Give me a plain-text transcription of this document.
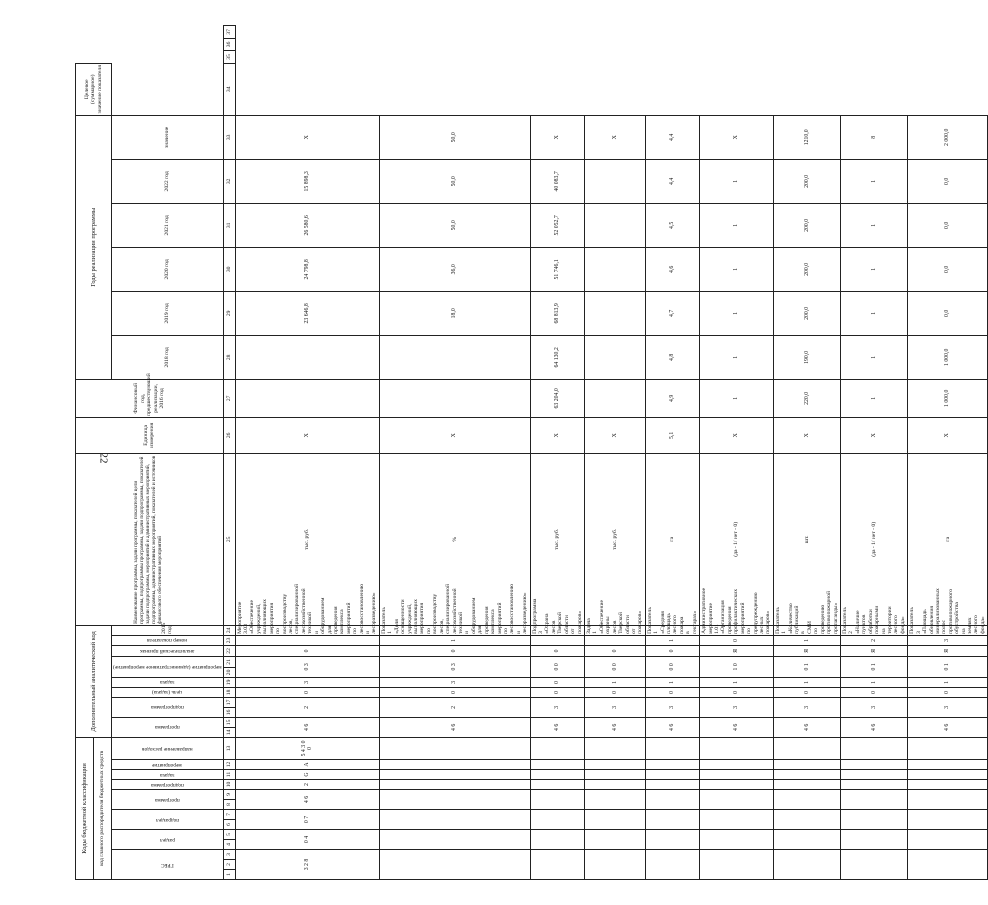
22
Коды бюджетной классификации													Дополнительный аналитический код											Наименование программы, задачи программы, показателей цели программы, подпрограммы программы, задачи подпрограммы, показателей задачи подпрограммы, мероприятий и административных мероприятий, подпрограммы, административных мероприятий, показателей и источников финансового обеспечения мероприятий	Единица измерения	Финансовый год, предшествующий реализации, 2016 год	Годы реализации программы						Целевое (суммарное) значение показателя			
код главного распорядителя бюджетных средств																																				

ГРБС			раздел		подраздел		программа		подпрограмма	задача	мероприятие	направление расходов	программа		подпрограмма		цель (задача)	задача	мероприятие (административное мероприятие)		аналитический признак	номер показателя	2015 год				2018 год	2019 год	2020 год	2021 год	2022 год	значение				
1	2	3	4	5	6	7	8	9	10	11	12	13	14	15	16	17	18	19	20	21	22	23	24	25	26	27	28	29	30	31	32	33	34	35	36	37
3 2 8			0 4		0 7		4 6		2	G	A	5 4 3 0 0	4 6		2		0	3	0 3		0		Мероприятие 3.03 «Обеспечение учреждений, выполняющих мероприятия по воспроизводству лесов, специализированной лесохозяйственной техникой и оборудованием для проведения комплекса мероприятий по лесовосстановлению и лесоразведению»	тыс. руб.	X			23 646,8	24 798,8	26 580,6	15 898,3	X				
													4 6		2		0	3	0 3		0	1	Показатель 1 «Доля оснащенности учреждений, выполняющих мероприятия по воспроизводству лесов, специализированной лесохозяйственной техникой и оборудованием для проведения комплекса мероприятий по лесовосстановлению и лесоразведению»	%	X			18,0	36,0	50,0	50,0	50,0				
													4 6		3		0	0	0 0		0		Подпрограмма 3 «Охрана лесов Тверской области от пожаров»	тыс. руб.	X	63 204,0	64 130,2	68 813,9	51 746,1	52 052,7	40 083,7	X				
													4 6		3		0	1	0 0		0		Задача 1 «Обеспечение охраны лесов Тверской области от пожаров»	тыс. руб.	X							X				
													4 6		3		0	1	0 0		0	1	Показатель 1 «Средняя площадь лесного пожара в гектарах»	га	5,1	4,9	4,8	4,7	4,6	4,5	4,4	4,4				
													4 6		3		0	1	1 0		Я	0	Административное мероприятие 1.01 «Организация проведения профилактических мероприятий по предупреждению лесных пожаров»	(да - 1/ нет - 0)	X	1	1	1	1	1	1	X				
													4 6		3		0	1	0 1		Я	1	Показатель 1 «Количество публикаций в СМИ по проведению противопожарной пропаганды»	шт.	X	220,0	190,0	200,0	200,0	200,0	200,0	1210,0				
													4 6		3		0	1	0 1		Я	2	Показатель 2 «Наличие пунктов обработки пожарными на территории лесного фонда»	(да - 1/ нет - 0)	X	1	1	1	1	1	1	8				
													4 6		3		0	1	0 1		Я	3	Показатель 3 «Площадь обновления минерализованных полос противопожарного обустройства на землях лесного фонда»	га	X	1 000,0	1 000,0	0,0	0,0	0,0	0,0	2 000,0				
